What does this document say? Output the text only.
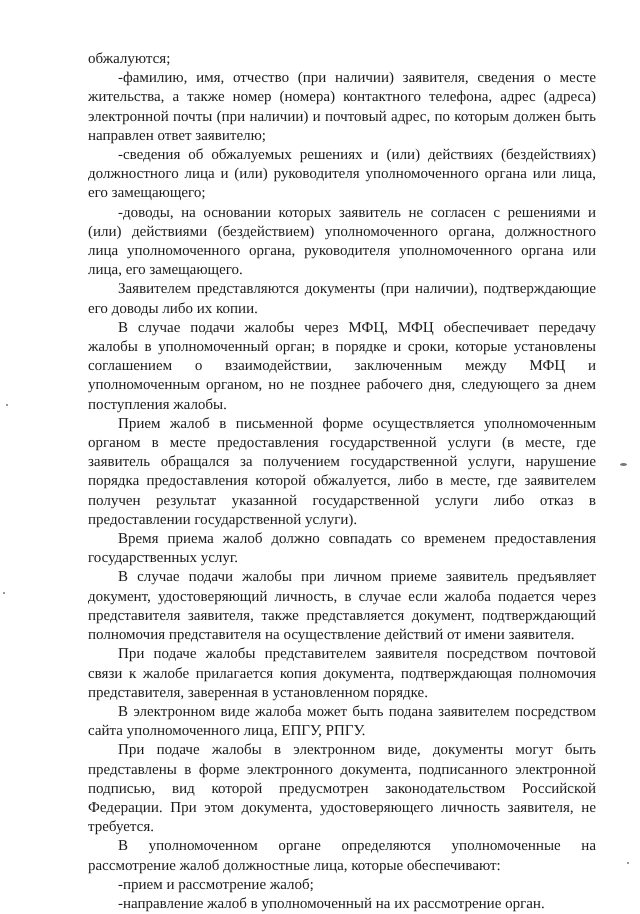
обжалуются;

-фамилию, имя, отчество (при наличии) заявителя, сведения о месте жительства, а также номер (номера) контактного телефона, адрес (адреса) электронной почты (при наличии) и почтовый адрес, по которым должен быть направлен ответ заявителю;

-сведения об обжалуемых решениях и (или) действиях (бездействиях) должностного лица и (или) руководителя уполномоченного органа или лица, его замещающего;

-доводы, на основании которых заявитель не согласен с решениями и (или) действиями (бездействием) уполномоченного органа, должностного лица уполномоченного органа, руководителя уполномоченного органа или лица, его замещающего.

Заявителем представляются документы (при наличии), подтверждающие его доводы либо их копии.

В случае подачи жалобы через МФЦ, МФЦ обеспечивает передачу жалобы в уполномоченный орган; в порядке и сроки, которые установлены соглашением о взаимодействии, заключенным между МФЦ и уполномоченным органом, но не позднее рабочего дня, следующего за днем поступления жалобы.

Прием жалоб в письменной форме осуществляется уполномоченным органом в месте предоставления государственной услуги (в месте, где заявитель обращался за получением государственной услуги, нарушение порядка предоставления которой обжалуется, либо в месте, где заявителем получен результат указанной государственной услуги либо отказ в предоставлении государственной услуги).

Время приема жалоб должно совпадать со временем предоставления государственных услуг.

В случае подачи жалобы при личном приеме заявитель предъявляет документ, удостоверяющий личность, в случае если жалоба подается через представителя заявителя, также представляется документ, подтверждающий полномочия представителя на осуществление действий от имени заявителя.

При подаче жалобы представителем заявителя посредством почтовой связи к жалобе прилагается копия документа, подтверждающая полномочия представителя, заверенная в установленном порядке.

В электронном виде жалоба может быть подана заявителем посредством сайта уполномоченного лица, ЕПГУ, РПГУ.

При подаче жалобы в электронном виде, документы могут быть представлены в форме электронного документа, подписанного электронной подписью, вид которой предусмотрен законодательством Российской Федерации. При этом документа, удостоверяющего личность заявителя, не требуется.

В уполномоченном органе определяются уполномоченные на рассмотрение жалоб должностные лица, которые обеспечивают:

-прием и рассмотрение жалоб;

-направление жалоб в уполномоченный на их рассмотрение орган.
